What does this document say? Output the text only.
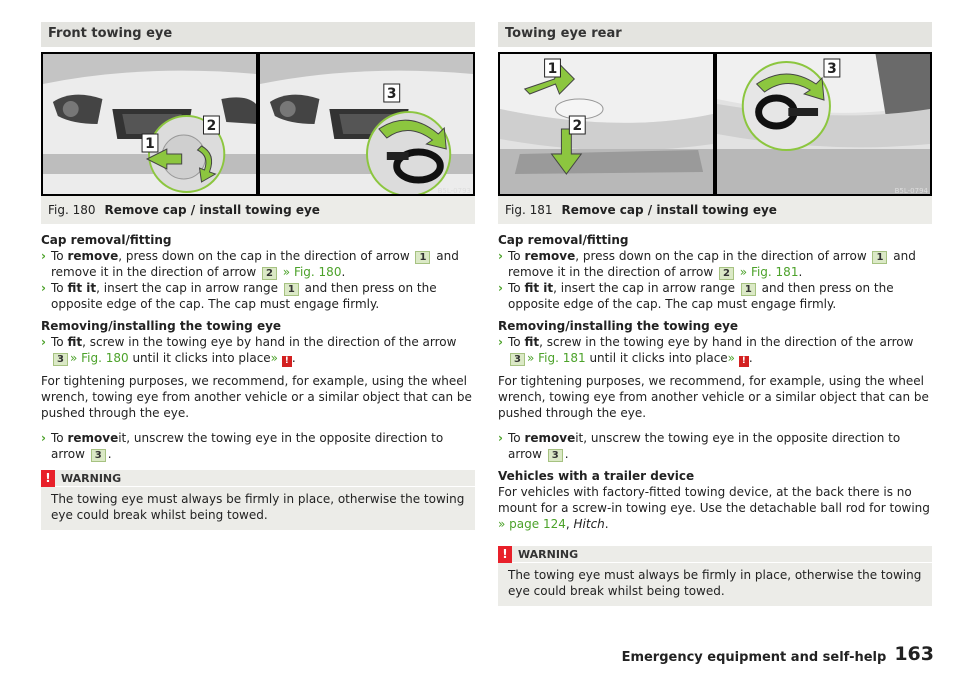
Front towing eye
1
2
3
B5L-0793
Fig. 180 Remove cap / install towing eye
Cap removal/fitting
› To remove, press down on the cap in the direction of arrow 1 and remove it in the direction of arrow 2 » Fig. 180.
› To fit it, insert the cap in arrow range 1 and then press on the opposite edge of the cap. The cap must engage firmly.
Removing/installing the towing eye
› To fit, screw in the towing eye by hand in the direction of the arrow 3 » Fig. 180 until it clicks into place» ! .
For tightening purposes, we recommend, for example, using the wheel wrench, towing eye from another vehicle or a similar object that can be pushed through the eye.
› To removeit, unscrew the towing eye in the opposite direction to arrow 3 .
! WARNING
The towing eye must always be firmly in place, otherwise the towing eye could break whilst being towed.
Towing eye rear
1
2
3
B5L-0794
Fig. 181 Remove cap / install towing eye
Cap removal/fitting
› To remove, press down on the cap in the direction of arrow 1 and remove it in the direction of arrow 2 » Fig. 181.
› To fit it, insert the cap in arrow range 1 and then press on the opposite edge of the cap. The cap must engage firmly.
Removing/installing the towing eye
› To fit, screw in the towing eye by hand in the direction of the arrow 3 » Fig. 181 until it clicks into place» ! .
For tightening purposes, we recommend, for example, using the wheel wrench, towing eye from another vehicle or a similar object that can be pushed through the eye.
› To removeit, unscrew the towing eye in the opposite direction to arrow 3 .
Vehicles with a trailer device
For vehicles with factory-fitted towing device, at the back there is no mount for a screw-in towing eye. Use the detachable ball rod for towing » page 124, Hitch.
! WARNING
The towing eye must always be firmly in place, otherwise the towing eye could break whilst being towed.
Emergency equipment and self-help 163
